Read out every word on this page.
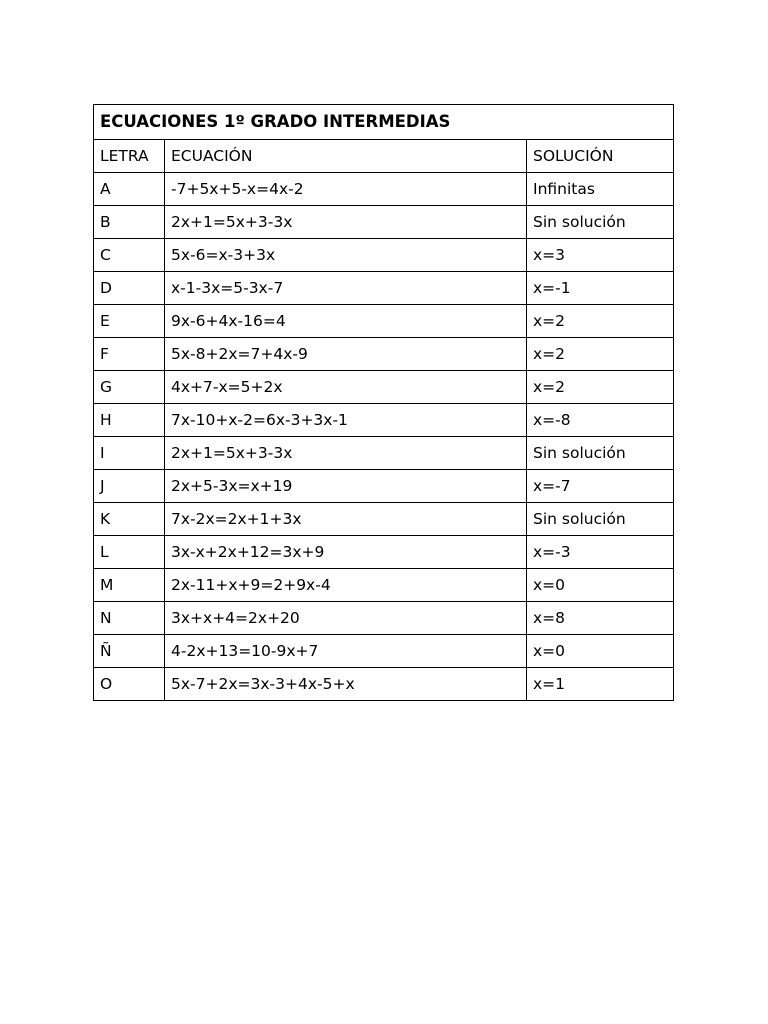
ECUACIONES 1º GRADO INTERMEDIAS		
LETRA	ECUACIÓN	SOLUCIÓN
A	-7+5x+5-x=4x-2	Infinitas
B	2x+1=5x+3-3x	Sin solución
C	5x-6=x-3+3x	x=3
D	x-1-3x=5-3x-7	x=-1
E	9x-6+4x-16=4	x=2
F	5x-8+2x=7+4x-9	x=2
G	4x+7-x=5+2x	x=2
H	7x-10+x-2=6x-3+3x-1	x=-8
I	2x+1=5x+3-3x	Sin solución
J	2x+5-3x=x+19	x=-7
K	7x-2x=2x+1+3x	Sin solución
L	3x-x+2x+12=3x+9	x=-3
M	2x-11+x+9=2+9x-4	x=0
N	3x+x+4=2x+20	x=8
Ñ	4-2x+13=10-9x+7	x=0
O	5x-7+2x=3x-3+4x-5+x	x=1
